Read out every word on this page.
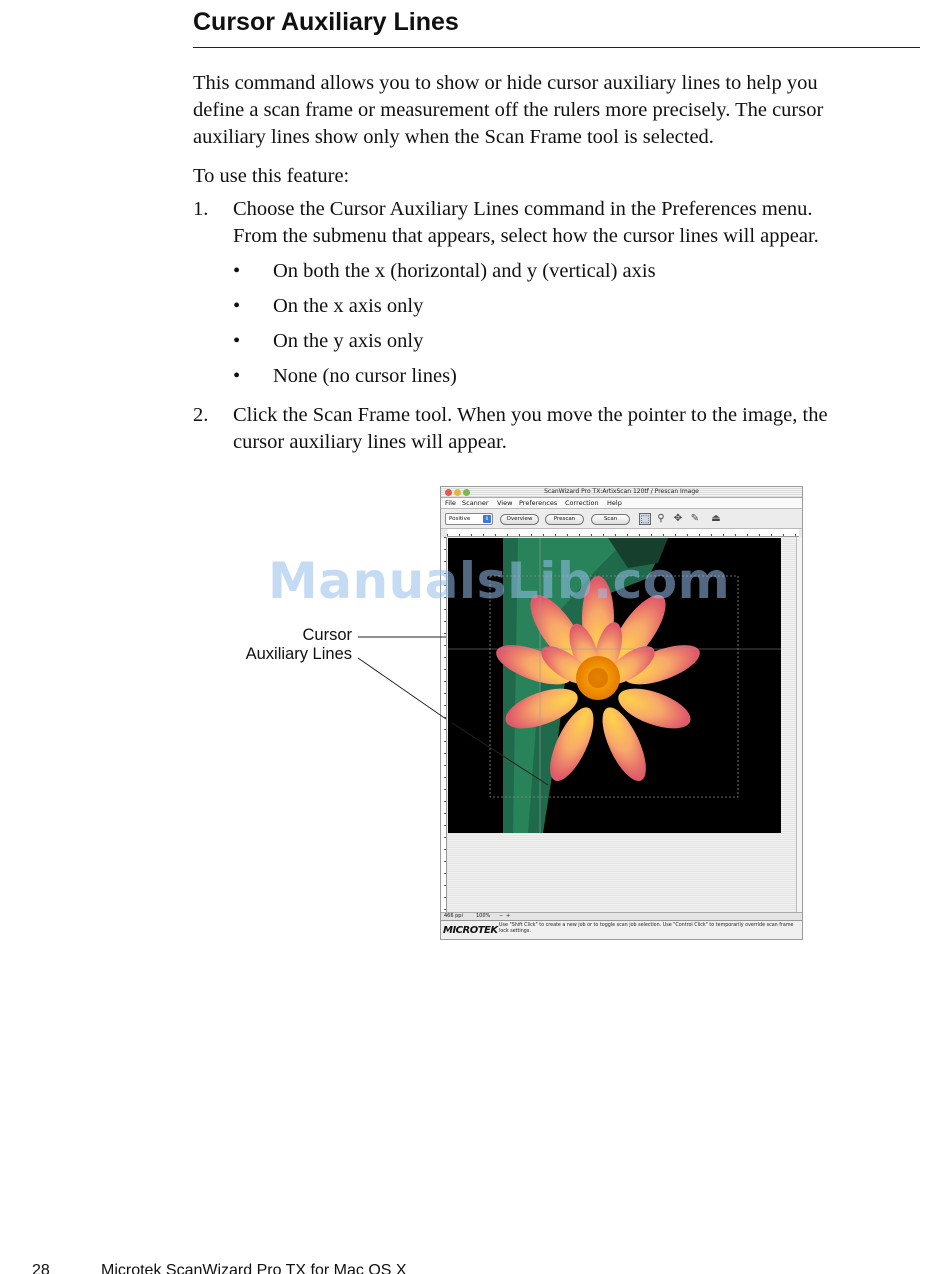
Cursor Auxiliary Lines
This command allows you to show or hide cursor auxiliary lines to help you
define a scan frame or measurement off the rulers more precisely. The cursor
auxiliary lines show only when the Scan Frame tool is selected.
To use this feature:
1. Choose the Cursor Auxiliary Lines command in the Preferences menu.
From the submenu that appears, select how the cursor lines will appear.
• On both the x (horizontal) and y (vertical) axis
• On the x axis only
• On the y axis only
• None (no cursor lines)
2. Click the Scan Frame tool. When you move the pointer to the image, the
cursor auxiliary lines will appear.
ScanWizard Pro TX:ArtixScan 120tf / Prescan Image
File Scanner View Preferences Correction Help
Positive	⇕	Overview	Prescan	Scan	⬚ ⚲ ✥ ✎ ⏏
466 ppi	100% − +
MICROTEK Use "Shift Click" to create a new job or to toggle scan job selection. Use "Control Click" to temporarily override scan frame lock settings.
Cursor
Auxiliary Lines
ManualsLib.com
28	Microtek ScanWizard Pro TX for Mac OS X
